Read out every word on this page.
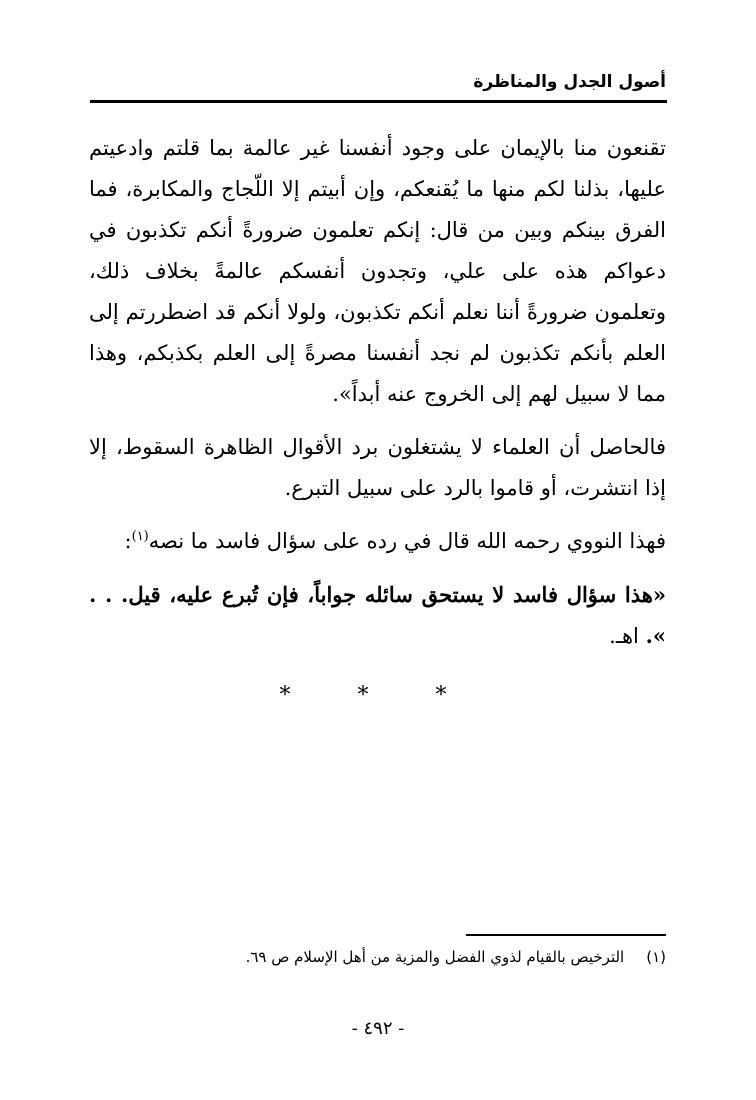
أصول الجدل والمناظرة

تقنعون منا بالإيمان على وجود أنفسنا غير عالمة بما قلتم وادعيتم عليها، بذلنا لكم منها ما يُقنعكم، وإن أبيتم إلا اللّجاج والمكابرة، فما الفرق بينكم وبين من قال: إنكم تعلمون ضرورةً أنكم تكذبون في دعواكم هذه على علي، وتجدون أنفسكم عالمةً بخلاف ذلك، وتعلمون ضرورةً أننا نعلم أنكم تكذبون، ولولا أنكم قد اضطررتم إلى العلم بأنكم تكذبون لم نجد أنفسنا مصرةً إلى العلم بكذبكم، وهذا مما لا سبيل لهم إلى الخروج عنه أبداً».

فالحاصل أن العلماء لا يشتغلون برد الأقوال الظاهرة السقوط، إلا إذا انتشرت، أو قاموا بالرد على سبيل التبرع.

فهذا النووي رحمه الله قال في رده على سؤال فاسد ما نصه$^{(١)}$:

«هذا سؤال فاسد لا يستحق سائله جواباً، فإن تُبرع عليه، قيل. . . ». اهـ.

* * *
(١)الترخيص بالقيام لذوي الفضل والمزية من أهل الإسلام ص ٦٩.
- ٤٩٢ -
